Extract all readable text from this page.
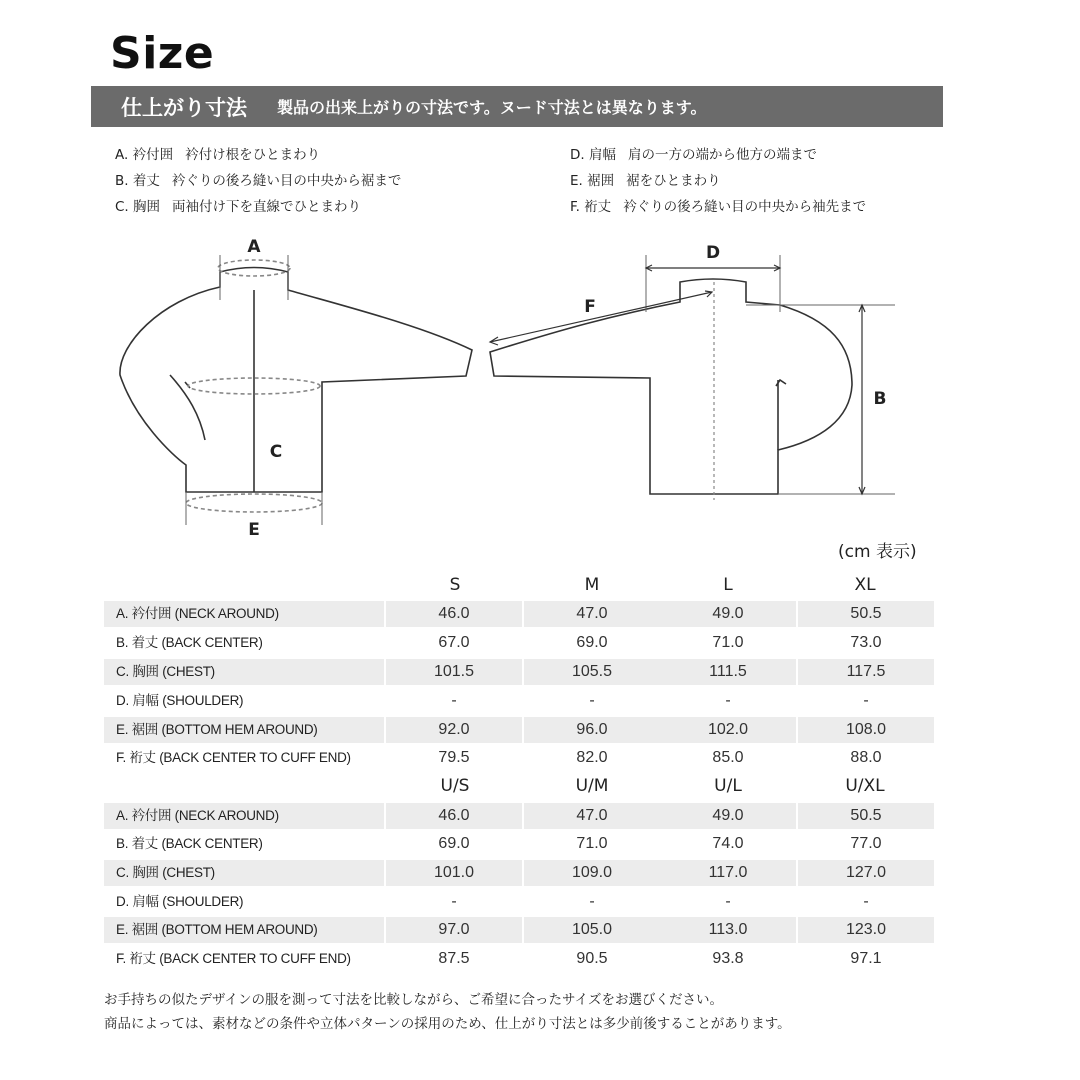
Size
仕上がり寸法 製品の出来上がりの寸法です。ヌード寸法とは異なります。
A. 衿付囲 衿付け根をひとまわり
B. 着丈 衿ぐりの後ろ縫い目の中央から裾まで
C. 胸囲 両袖付け下を直線でひとまわり
D. 肩幅 肩の一方の端から他方の端まで
E. 裾囲 裾をひとまわり
F. 裄丈 衿ぐりの後ろ縫い目の中央から袖先まで
A
C
E
D
F
B
(cm 表示)
S	M	L	XL
A. 衿付囲 (NECK AROUND)	46.0	47.0	49.0	50.5
B. 着丈 (BACK CENTER)	67.0	69.0	71.0	73.0
C. 胸囲 (CHEST)	101.5	105.5	111.5	117.5
D. 肩幅 (SHOULDER)	-	-	-	-
E. 裾囲 (BOTTOM HEM AROUND)	92.0	96.0	102.0	108.0
F. 裄丈 (BACK CENTER TO CUFF END)	79.5	82.0	85.0	88.0
U/S	U/M	U/L	U/XL
A. 衿付囲 (NECK AROUND)	46.0	47.0	49.0	50.5
B. 着丈 (BACK CENTER)	69.0	71.0	74.0	77.0
C. 胸囲 (CHEST)	101.0	109.0	117.0	127.0
D. 肩幅 (SHOULDER)	-	-	-	-
E. 裾囲 (BOTTOM HEM AROUND)	97.0	105.0	113.0	123.0
F. 裄丈 (BACK CENTER TO CUFF END)	87.5	90.5	93.8	97.1
お手持ちの似たデザインの服を測って寸法を比較しながら、ご希望に合ったサイズをお選びください。
商品によっては、素材などの条件や立体パターンの採用のため、仕上がり寸法とは多少前後することがあります。
